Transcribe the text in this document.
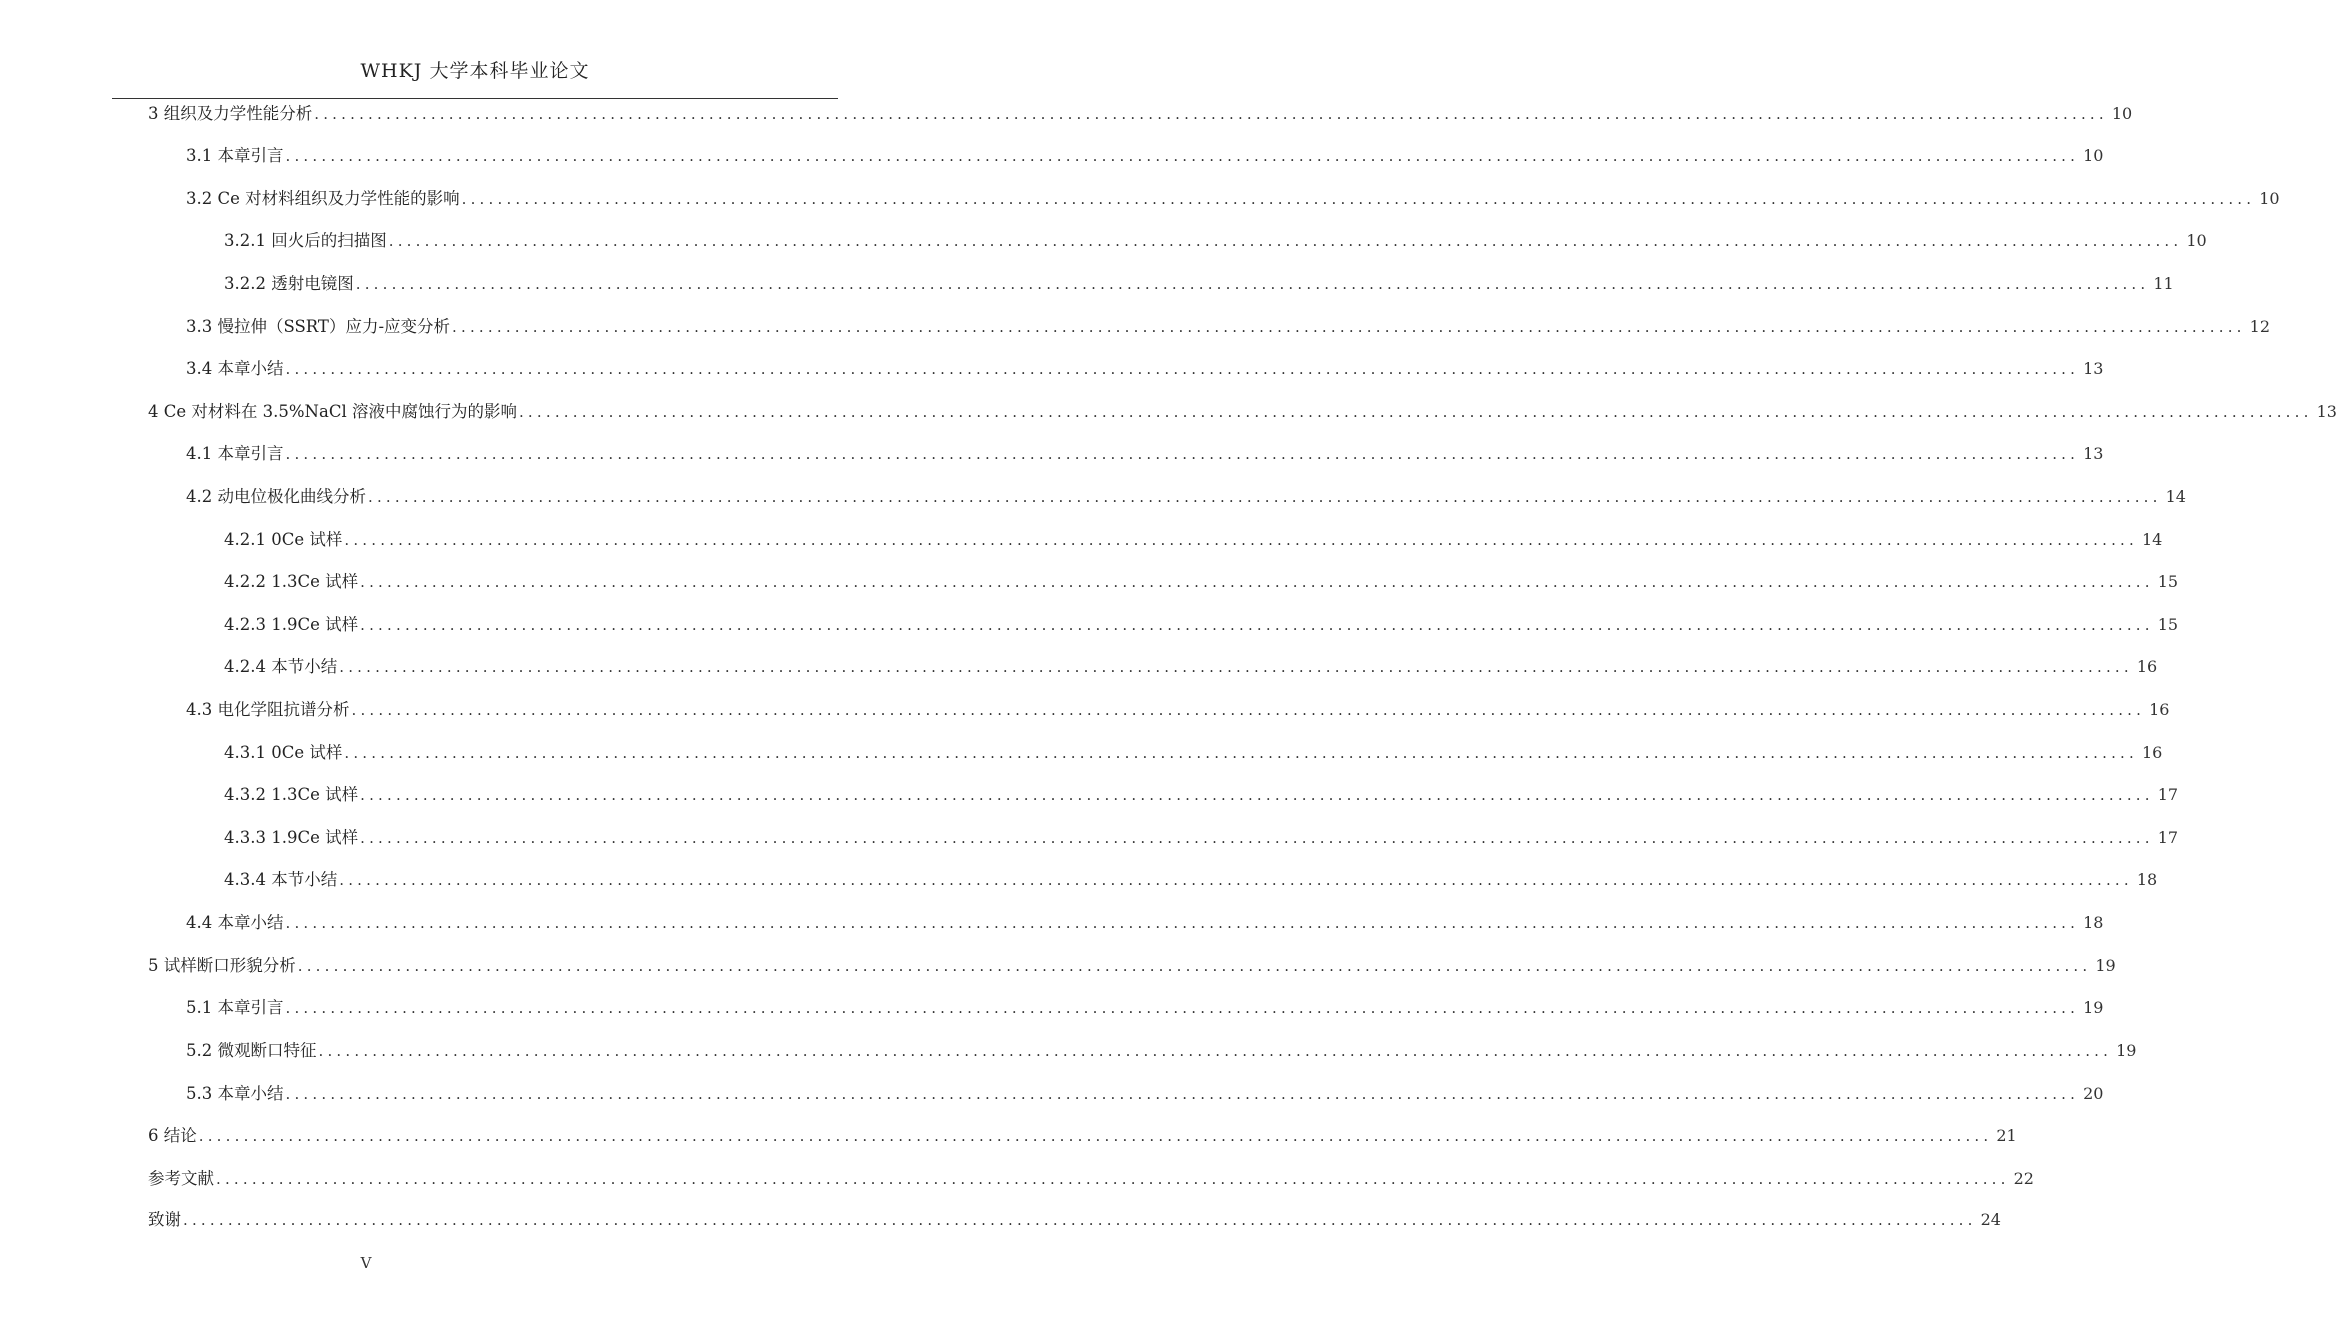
WHKJ 大学本科毕业论文
3 组织及力学性能分析 ........................................................................................................................................................................................................ 10
3.1 本章引言 ........................................................................................................................................................................................................ 10
3.2 Ce 对材料组织及力学性能的影响 ........................................................................................................................................................................................................ 10
3.2.1 回火后的扫描图 ........................................................................................................................................................................................................ 10
3.2.2 透射电镜图 ........................................................................................................................................................................................................ 11
3.3 慢拉伸（SSRT）应力-应变分析 ........................................................................................................................................................................................................ 12
3.4 本章小结 ........................................................................................................................................................................................................ 13
4 Ce 对材料在 3.5%NaCl 溶液中腐蚀行为的影响 ........................................................................................................................................................................................................ 13
4.1 本章引言 ........................................................................................................................................................................................................ 13
4.2 动电位极化曲线分析 ........................................................................................................................................................................................................ 14
4.2.1 0Ce 试样 ........................................................................................................................................................................................................ 14
4.2.2 1.3Ce 试样 ........................................................................................................................................................................................................ 15
4.2.3 1.9Ce 试样 ........................................................................................................................................................................................................ 15
4.2.4 本节小结 ........................................................................................................................................................................................................ 16
4.3 电化学阻抗谱分析 ........................................................................................................................................................................................................ 16
4.3.1 0Ce 试样 ........................................................................................................................................................................................................ 16
4.3.2 1.3Ce 试样 ........................................................................................................................................................................................................ 17
4.3.3 1.9Ce 试样 ........................................................................................................................................................................................................ 17
4.3.4 本节小结 ........................................................................................................................................................................................................ 18
4.4 本章小结 ........................................................................................................................................................................................................ 18
5 试样断口形貌分析 ........................................................................................................................................................................................................ 19
5.1 本章引言 ........................................................................................................................................................................................................ 19
5.2 微观断口特征 ........................................................................................................................................................................................................ 19
5.3 本章小结 ........................................................................................................................................................................................................ 20
6 结论 ........................................................................................................................................................................................................ 21
参考文献 ........................................................................................................................................................................................................ 22
致谢 ........................................................................................................................................................................................................ 24
V
